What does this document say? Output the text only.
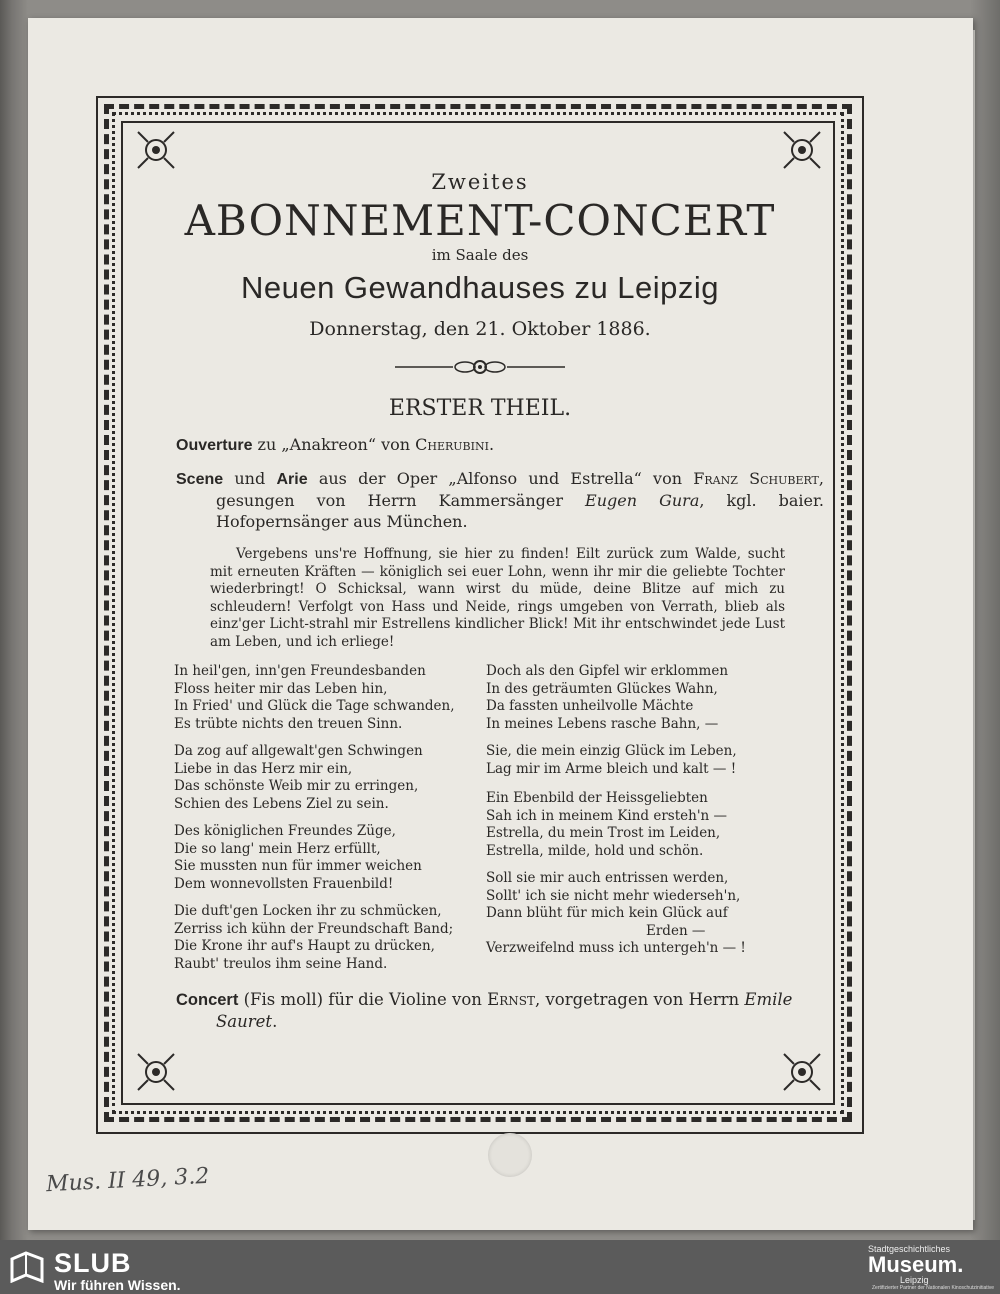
Zweites
ABONNEMENT-CONCERT
im Saale des
Neuen Gewandhauses zu Leipzig
Donnerstag, den 21. Oktober 1886.
ERSTER THEIL.
Ouverture zu „Anakreon“ von Cherubini.
Scene und Arie aus der Oper „Alfonso und Estrella“ von Franz Schubert, gesungen von Herrn Kammersänger Eugen Gura, kgl. baier. Hofopernsänger aus München.
Vergebens uns're Hoffnung, sie hier zu finden! Eilt zurück zum Walde, sucht mit erneuten Kräften — königlich sei euer Lohn, wenn ihr mir die geliebte Tochter wiederbringt! O Schicksal, wann wirst du müde, deine Blitze auf mich zu schleudern! Verfolgt von Hass und Neide, rings umgeben von Verrath, blieb als einz'ger Licht-strahl mir Estrellens kindlicher Blick! Mit ihr entschwindet jede Lust am Leben, und ich erliege!

In heil'gen, inn'gen Freundesbanden
Floss heiter mir das Leben hin,
In Fried' und Glück die Tage schwanden,
Es trübte nichts den treuen Sinn.

Da zog auf allgewalt'gen Schwingen
Liebe in das Herz mir ein,
Das schönste Weib mir zu erringen,
Schien des Lebens Ziel zu sein.

Des königlichen Freundes Züge,
Die so lang' mein Herz erfüllt,
Sie mussten nun für immer weichen
Dem wonnevollsten Frauenbild!

Die duft'gen Locken ihr zu schmücken,
Zerriss ich kühn der Freundschaft Band;
Die Krone ihr auf's Haupt zu drücken,
Raubt' treulos ihm seine Hand.

Doch als den Gipfel wir erklommen
In des geträumten Glückes Wahn,
Da fassten unheilvolle Mächte
In meines Lebens rasche Bahn, —

Sie, die mein einzig Glück im Leben,
Lag mir im Arme bleich und kalt — !

Ein Ebenbild der Heissgeliebten
Sah ich in meinem Kind ersteh'n —
Estrella, du mein Trost im Leiden,
Estrella, milde, hold und schön.

Soll sie mir auch entrissen werden,
Sollt' ich sie nicht mehr wiederseh'n,
Dann blüht für mich kein Glück auf
Erden —
Verzweifelnd muss ich untergeh'n — !

Concert (Fis moll) für die Violine von Ernst, vorgetragen von Herrn Emile Sauret.
Mus. II 49, 3.2
SLUB
Wir führen Wissen.
Stadtgeschichtliches
Museum.
Leipzig
Zertifizierter Partner der Nationalen Kinoschutzinitiative
